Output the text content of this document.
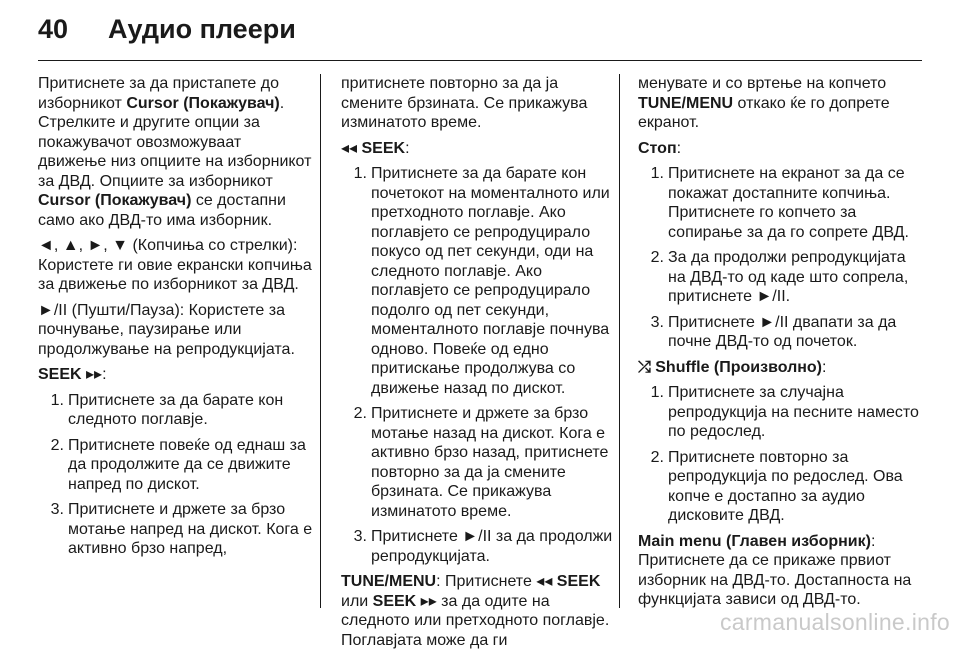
40	Аудио плеери

Притиснете за да пристапете до изборникот Cursor (Покажувач). Стрелките и другите опции за покажувачот овозможуваат движење низ опциите на изборникот за ДВД. Опциите за изборникот Cursor (Покажувач) се достапни само ако ДВД-то има изборник.

◄, ▲, ►, ▼ (Копчиња со стрелки): Користете ги овие екрански копчиња за движење по изборникот за ДВД.

►/II (Пушти/Пауза): Користете за почнување, паузирање или продолжување на репродукцијата.

SEEK ▸▸:

1. Притиснете за да барате кон следното поглавје.
2. Притиснете повеќе од еднаш за да продолжите да се движите напред по дискот.
3. Притиснете и држете за брзо мотање напред на дискот. Кога е активно брзо напред,

притиснете повторно за да ја смените брзината. Се прикажува изминатото време.

◂◂ SEEK:

1. Притиснете за да барате кон почетокот на моменталното или претходното поглавје. Ако поглавјето се репродуцирало покусо од пет секунди, оди на следното поглавје. Ако поглавјето се репродуцирало подолго од пет секунди, моменталното поглавје почнува одново. Повеќе од едно притискање продолжува со движење назад по дискот.
2. Притиснете и држете за брзо мотање назад на дискот. Кога е активно брзо назад, притиснете повторно за да ја смените брзината. Се прикажува изминатото време.
3. Притиснете ►/II за да продолжи репродукцијата.

TUNE/MENU: Притиснете ◂◂ SEEK или SEEK ▸▸ за да одите на следното или претходното поглавје. Поглавјата може да ги

менувате и со вртење на копчето TUNE/MENU откако ќе го допрете екранот.

Стоп:

1. Притиснете на екранот за да се покажат достапните копчиња. Притиснете го копчето за сопирање за да го сопрете ДВД.
2. За да продолжи репродукцијата на ДВД-то од каде што сопрела, притиснете ►/II.
3. Притиснете ►/II двапати за да почне ДВД-то од почеток.

⤮ Shuffle (Произволно):

1. Притиснете за случајна репродукција на песните наместо по редослед.
2. Притиснете повторно за репродукција по редослед. Ова копче е достапно за аудио дисковите ДВД.

Main menu (Главен изборник):

Притиснете да се прикаже првиот изборник на ДВД-то. Достапноста на функцијата зависи од ДВД-то.

carmanualsonline.info
